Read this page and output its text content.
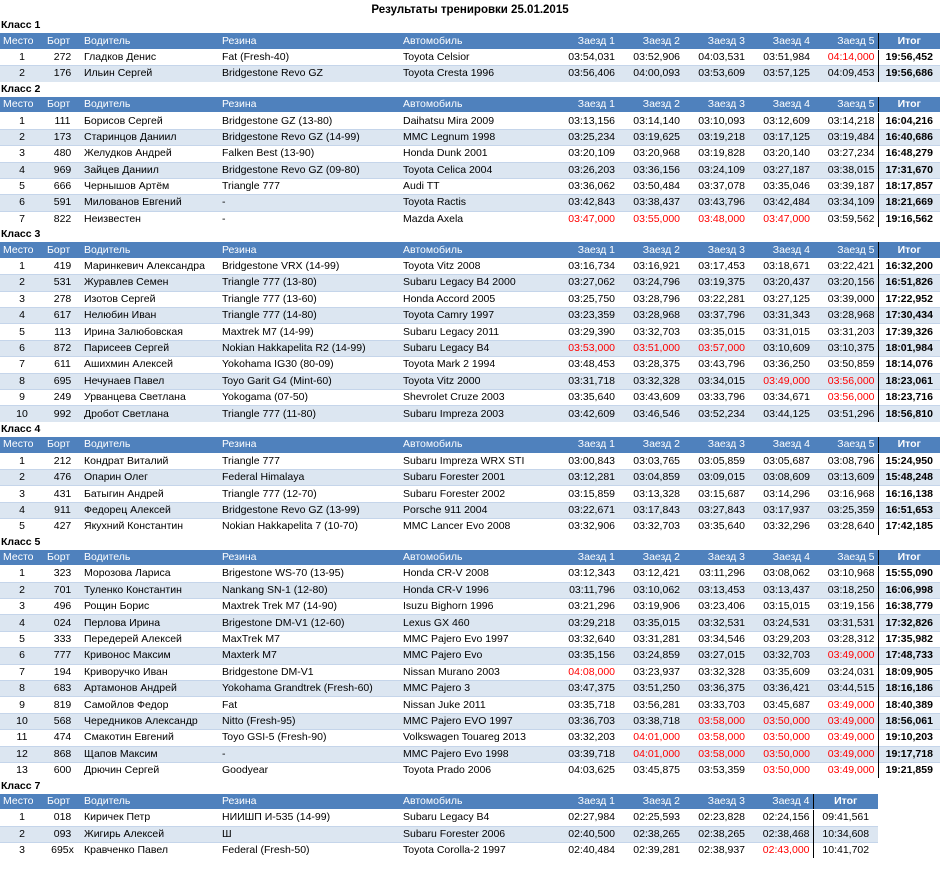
Результаты тренировки 25.01.2015
Класс 1										
Место	Борт	Водитель	Резина	Автомобиль	Заезд 1	Заезд 2	Заезд 3	Заезд 4	Заезд 5	Итог
1	272	Гладков Денис	Fat (Fresh-40)	Toyota Celsior	03:54,031	03:52,906	04:03,531	03:51,984	04:14,000	19:56,452
2	176	Ильин Сергей	Bridgestone Revo GZ	Toyota Cresta 1996	03:56,406	04:00,093	03:53,609	03:57,125	04:09,453	19:56,686
Класс 2										
Место	Борт	Водитель	Резина	Автомобиль	Заезд 1	Заезд 2	Заезд 3	Заезд 4	Заезд 5	Итог
1	111	Борисов Сергей	Bridgestone GZ (13-80)	Daihatsu Mira 2009	03:13,156	03:14,140	03:10,093	03:12,609	03:14,218	16:04,216
2	173	Старинцов Даниил	Bridgestone Revo GZ (14-99)	MMC Legnum 1998	03:25,234	03:19,625	03:19,218	03:17,125	03:19,484	16:40,686
3	480	Желудков Андрей	Falken Best (13-90)	Honda Dunk 2001	03:20,109	03:20,968	03:19,828	03:20,140	03:27,234	16:48,279
4	969	Зайцев Даниил	Bridgestone Revo GZ (09-80)	Toyota Celica 2004	03:26,203	03:36,156	03:24,109	03:27,187	03:38,015	17:31,670
5	666	Чернышов Артём	Triangle 777	Audi TT	03:36,062	03:50,484	03:37,078	03:35,046	03:39,187	18:17,857
6	591	Милованов Евгений	-	Toyota Ractis	03:42,843	03:38,437	03:43,796	03:42,484	03:34,109	18:21,669
7	822	Неизвестен	-	Mazda Axela	03:47,000	03:55,000	03:48,000	03:47,000	03:59,562	19:16,562
Класс 3										
Место	Борт	Водитель	Резина	Автомобиль	Заезд 1	Заезд 2	Заезд 3	Заезд 4	Заезд 5	Итог
1	419	Маринкевич Александра	Bridgestone VRX (14-99)	Toyota Vitz 2008	03:16,734	03:16,921	03:17,453	03:18,671	03:22,421	16:32,200
2	531	Журавлев Семен	Triangle 777 (13-80)	Subaru Legacy B4 2000	03:27,062	03:24,796	03:19,375	03:20,437	03:20,156	16:51,826
3	278	Изотов Сергей	Triangle 777 (13-60)	Honda Accord 2005	03:25,750	03:28,796	03:22,281	03:27,125	03:39,000	17:22,952
4	617	Нелюбин Иван	Triangle 777 (14-80)	Toyota Camry 1997	03:23,359	03:28,968	03:37,796	03:31,343	03:28,968	17:30,434
5	113	Ирина Залюбовская	Maxtrek M7 (14-99)	Subaru Legacy 2011	03:29,390	03:32,703	03:35,015	03:31,015	03:31,203	17:39,326
6	872	Парисеев Сергей	Nokian Hakkapelita R2 (14-99)	Subaru Legacy B4	03:53,000	03:51,000	03:57,000	03:10,609	03:10,375	18:01,984
7	611	Ашихмин Алексей	Yokohama IG30 (80-09)	Toyota Mark 2 1994	03:48,453	03:28,375	03:43,796	03:36,250	03:50,859	18:14,076
8	695	Нечунаев Павел	Toyo Garit G4 (Mint-60)	Toyota Vitz 2000	03:31,718	03:32,328	03:34,015	03:49,000	03:56,000	18:23,061
9	249	Урванцева Светлана	Yokogama (07-50)	Shevrolet Cruze 2003	03:35,640	03:43,609	03:33,796	03:34,671	03:56,000	18:23,716
10	992	Дробот Светлана	Triangle 777 (11-80)	Subaru Impreza 2003	03:42,609	03:46,546	03:52,234	03:44,125	03:51,296	18:56,810
Класс 4										
Место	Борт	Водитель	Резина	Автомобиль	Заезд 1	Заезд 2	Заезд 3	Заезд 4	Заезд 5	Итог
1	212	Кондрат Виталий	Triangle 777	Subaru Impreza WRX STI	03:00,843	03:03,765	03:05,859	03:05,687	03:08,796	15:24,950
2	476	Опарин Олег	Federal Himalaya	Subaru Forester 2001	03:12,281	03:04,859	03:09,015	03:08,609	03:13,609	15:48,248
3	431	Батыгин Андрей	Triangle 777 (12-70)	Subaru Forester 2002	03:15,859	03:13,328	03:15,687	03:14,296	03:16,968	16:16,138
4	911	Федорец Алексей	Bridgestone Revo GZ (13-99)	Porsche 911 2004	03:22,671	03:17,843	03:27,843	03:17,937	03:25,359	16:51,653
5	427	Якухний Константин	Nokian Hakkapelita 7 (10-70)	MMC Lancer Evo 2008	03:32,906	03:32,703	03:35,640	03:32,296	03:28,640	17:42,185
Класс 5										
Место	Борт	Водитель	Резина	Автомобиль	Заезд 1	Заезд 2	Заезд 3	Заезд 4	Заезд 5	Итог
1	323	Морозова Лариса	Brigestone WS-70 (13-95)	Honda CR-V 2008	03:12,343	03:12,421	03:11,296	03:08,062	03:10,968	15:55,090
2	701	Туленко Константин	Nankang SN-1 (12-80)	Honda CR-V 1996	03:11,796	03:10,062	03:13,453	03:13,437	03:18,250	16:06,998
3	496	Рощин Борис	Maxtrek Trek M7 (14-90)	Isuzu Bighorn 1996	03:21,296	03:19,906	03:23,406	03:15,015	03:19,156	16:38,779
4	024	Перлова Ирина	Brigestone DM-V1 (12-60)	Lexus GX 460	03:29,218	03:35,015	03:32,531	03:24,531	03:31,531	17:32,826
5	333	Передерей Алексей	MaxTrek M7	MMC Pajero Evo 1997	03:32,640	03:31,281	03:34,546	03:29,203	03:28,312	17:35,982
6	777	Кривонос Максим	Maxterk M7	MMC Pajero Evo	03:35,156	03:24,859	03:27,015	03:32,703	03:49,000	17:48,733
7	194	Криворучко Иван	Bridgestone DM-V1	Nissan Murano 2003	04:08,000	03:23,937	03:32,328	03:35,609	03:24,031	18:09,905
8	683	Артамонов Андрей	Yokohama Grandtrek (Fresh-60)	MMC Pajero 3	03:47,375	03:51,250	03:36,375	03:36,421	03:44,515	18:16,186
9	819	Самойлов Федор	Fat	Nissan Juke 2011	03:35,718	03:56,281	03:33,703	03:45,687	03:49,000	18:40,389
10	568	Чередников Александр	Nitto (Fresh-95)	MMC Pajero EVO 1997	03:36,703	03:38,718	03:58,000	03:50,000	03:49,000	18:56,061
11	474	Смакотин Евгений	Toyo GSI-5 (Fresh-90)	Volkswagen Touareg 2013	03:32,203	04:01,000	03:58,000	03:50,000	03:49,000	19:10,203
12	868	Щапов Максим	-	MMC Pajero Evo 1998	03:39,718	04:01,000	03:58,000	03:50,000	03:49,000	19:17,718
13	600	Дрючин Сергей	Goodyear	Toyota Prado 2006	04:03,625	03:45,875	03:53,359	03:50,000	03:49,000	19:21,859
Класс 7										
Место	Борт	Водитель	Резина	Автомобиль	Заезд 1	Заезд 2	Заезд 3	Заезд 4	Итог	
1	018	Киричек Петр	НИИШП И-535 (14-99)	Subaru Legacy B4	02:27,984	02:25,593	02:23,828	02:24,156	09:41,561	
2	093	Жигирь Алексей	Ш	Subaru Forester 2006	02:40,500	02:38,265	02:38,265	02:38,468	10:34,608	
3	695х	Кравченко Павел	Federal (Fresh-50)	Toyota Corolla-2 1997	02:40,484	02:39,281	02:38,937	02:43,000	10:41,702	
